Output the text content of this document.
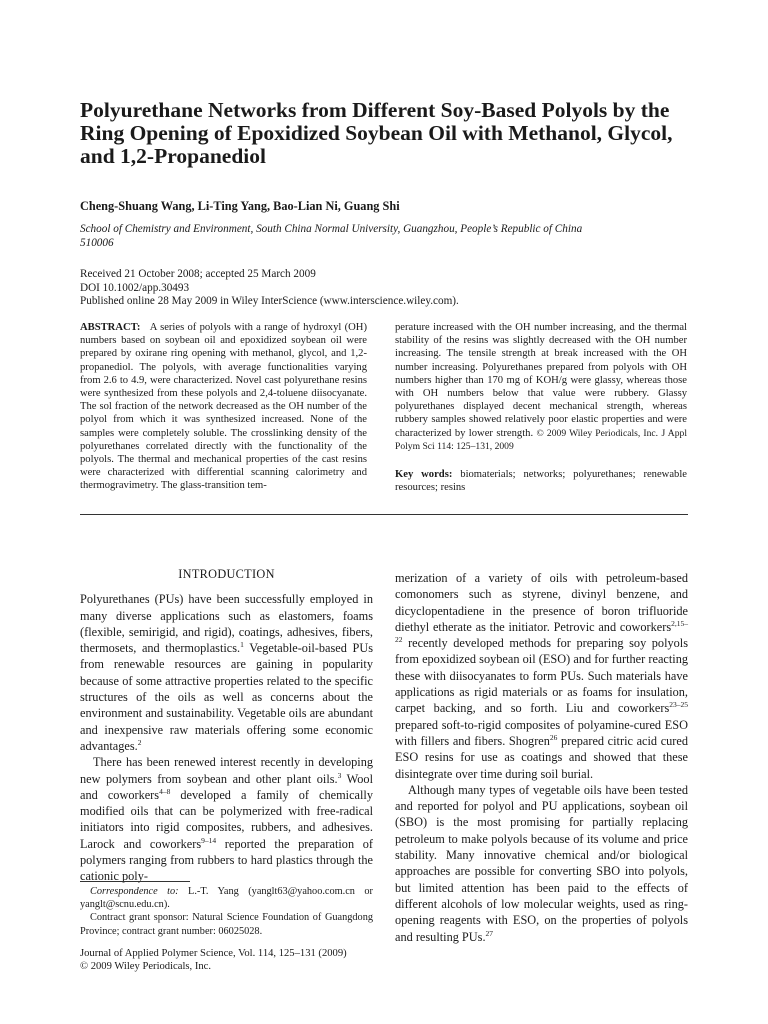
Polyurethane Networks from Different Soy-Based Polyols by the Ring Opening of Epoxidized Soybean Oil with Methanol, Glycol, and 1,2-Propanediol
Cheng-Shuang Wang, Li-Ting Yang, Bao-Lian Ni, Guang Shi
School of Chemistry and Environment, South China Normal University, Guangzhou, People’s Republic of China 510006
Received 21 October 2008; accepted 25 March 2009
DOI 10.1002/app.30493
Published online 28 May 2009 in Wiley InterScience (www.interscience.wiley.com).
ABSTRACT: A series of polyols with a range of hydroxyl (OH) numbers based on soybean oil and epoxidized soybean oil were prepared by oxirane ring opening with methanol, glycol, and 1,2-propanediol. The polyols, with average functionalities varying from 2.6 to 4.9, were characterized. Novel cast polyurethane resins were synthesized from these polyols and 2,4-toluene diisocyanate. The sol fraction of the network decreased as the OH number of the polyol from which it was synthesized increased. None of the samples were completely soluble. The crosslinking density of the polyurethanes correlated directly with the functionality of the polyols. The thermal and mechanical properties of the cast resins were characterized with differential scanning calorimetry and thermogravimetry. The glass-transition tem-

perature increased with the OH number increasing, and the thermal stability of the resins was slightly decreased with the OH number increasing. The tensile strength at break increased with the OH number increasing. Polyurethanes prepared from polyols with OH numbers higher than 170 mg of KOH/g were glassy, whereas those with OH numbers below that value were rubbery. Glassy polyurethanes displayed decent mechanical strength, whereas rubbery samples showed relatively poor elastic properties and were characterized by lower strength. © 2009 Wiley Periodicals, Inc. J Appl Polym Sci 114: 125–131, 2009

Key words: biomaterials; networks; polyurethanes; renewable resources; resins

INTRODUCTION

Polyurethanes (PUs) have been successfully employed in many diverse applications such as elastomers, foams (flexible, semirigid, and rigid), coatings, adhesives, fibers, thermosets, and thermoplastics.$^1$ Vegetable-oil-based PUs from renewable resources are gaining in popularity because of some attractive properties related to the specific structures of the oils as well as concerns about the environment and sustainability. Vegetable oils are abundant and inexpensive raw materials offering some economic advantages.$^2$

There has been renewed interest recently in developing new polymers from soybean and other plant oils.$^3$ Wool and coworkers$^{4-8}$ developed a family of chemically modified oils that can be polymerized with free-radical initiators into rigid composites, rubbers, and adhesives. Larock and coworkers$^{9-14}$ reported the preparation of polymers ranging from rubbers to hard plastics through the cationic poly-

merization of a variety of oils with petroleum-based comonomers such as styrene, divinyl benzene, and dicyclopentadiene in the presence of boron trifluoride diethyl etherate as the initiator. Petrovic and coworkers$^{2,15-22}$ recently developed methods for preparing soy polyols from epoxidized soybean oil (ESO) and for further reacting these with diisocyanates to form PUs. Such materials have applications as rigid materials or as foams for insulation, carpet backing, and so forth. Liu and coworkers$^{23-25}$ prepared soft-to-rigid composites of polyamine-cured ESO with fillers and fibers. Shogren$^{26}$ prepared citric acid cured ESO resins for use as coatings and showed that these disintegrate over time during soil burial.

Although many types of vegetable oils have been tested and reported for polyol and PU applications, soybean oil (SBO) is the most promising for partially replacing petroleum to make polyols because of its volume and price stability. Many innovative chemical and/or biological approaches are possible for converting SBO into polyols, but limited attention has been paid to the effects of different alcohols of low molecular weights, used as ring-opening reagents with ESO, on the properties of polyols and resulting PUs.$^{27}$

Correspondence to: L.-T. Yang (yanglt63@yahoo.com.cn or yanglt@scnu.edu.cn).

Contract grant sponsor: Natural Science Foundation of Guangdong Province; contract grant number: 06025028.

Journal of Applied Polymer Science, Vol. 114, 125–131 (2009)
© 2009 Wiley Periodicals, Inc.
